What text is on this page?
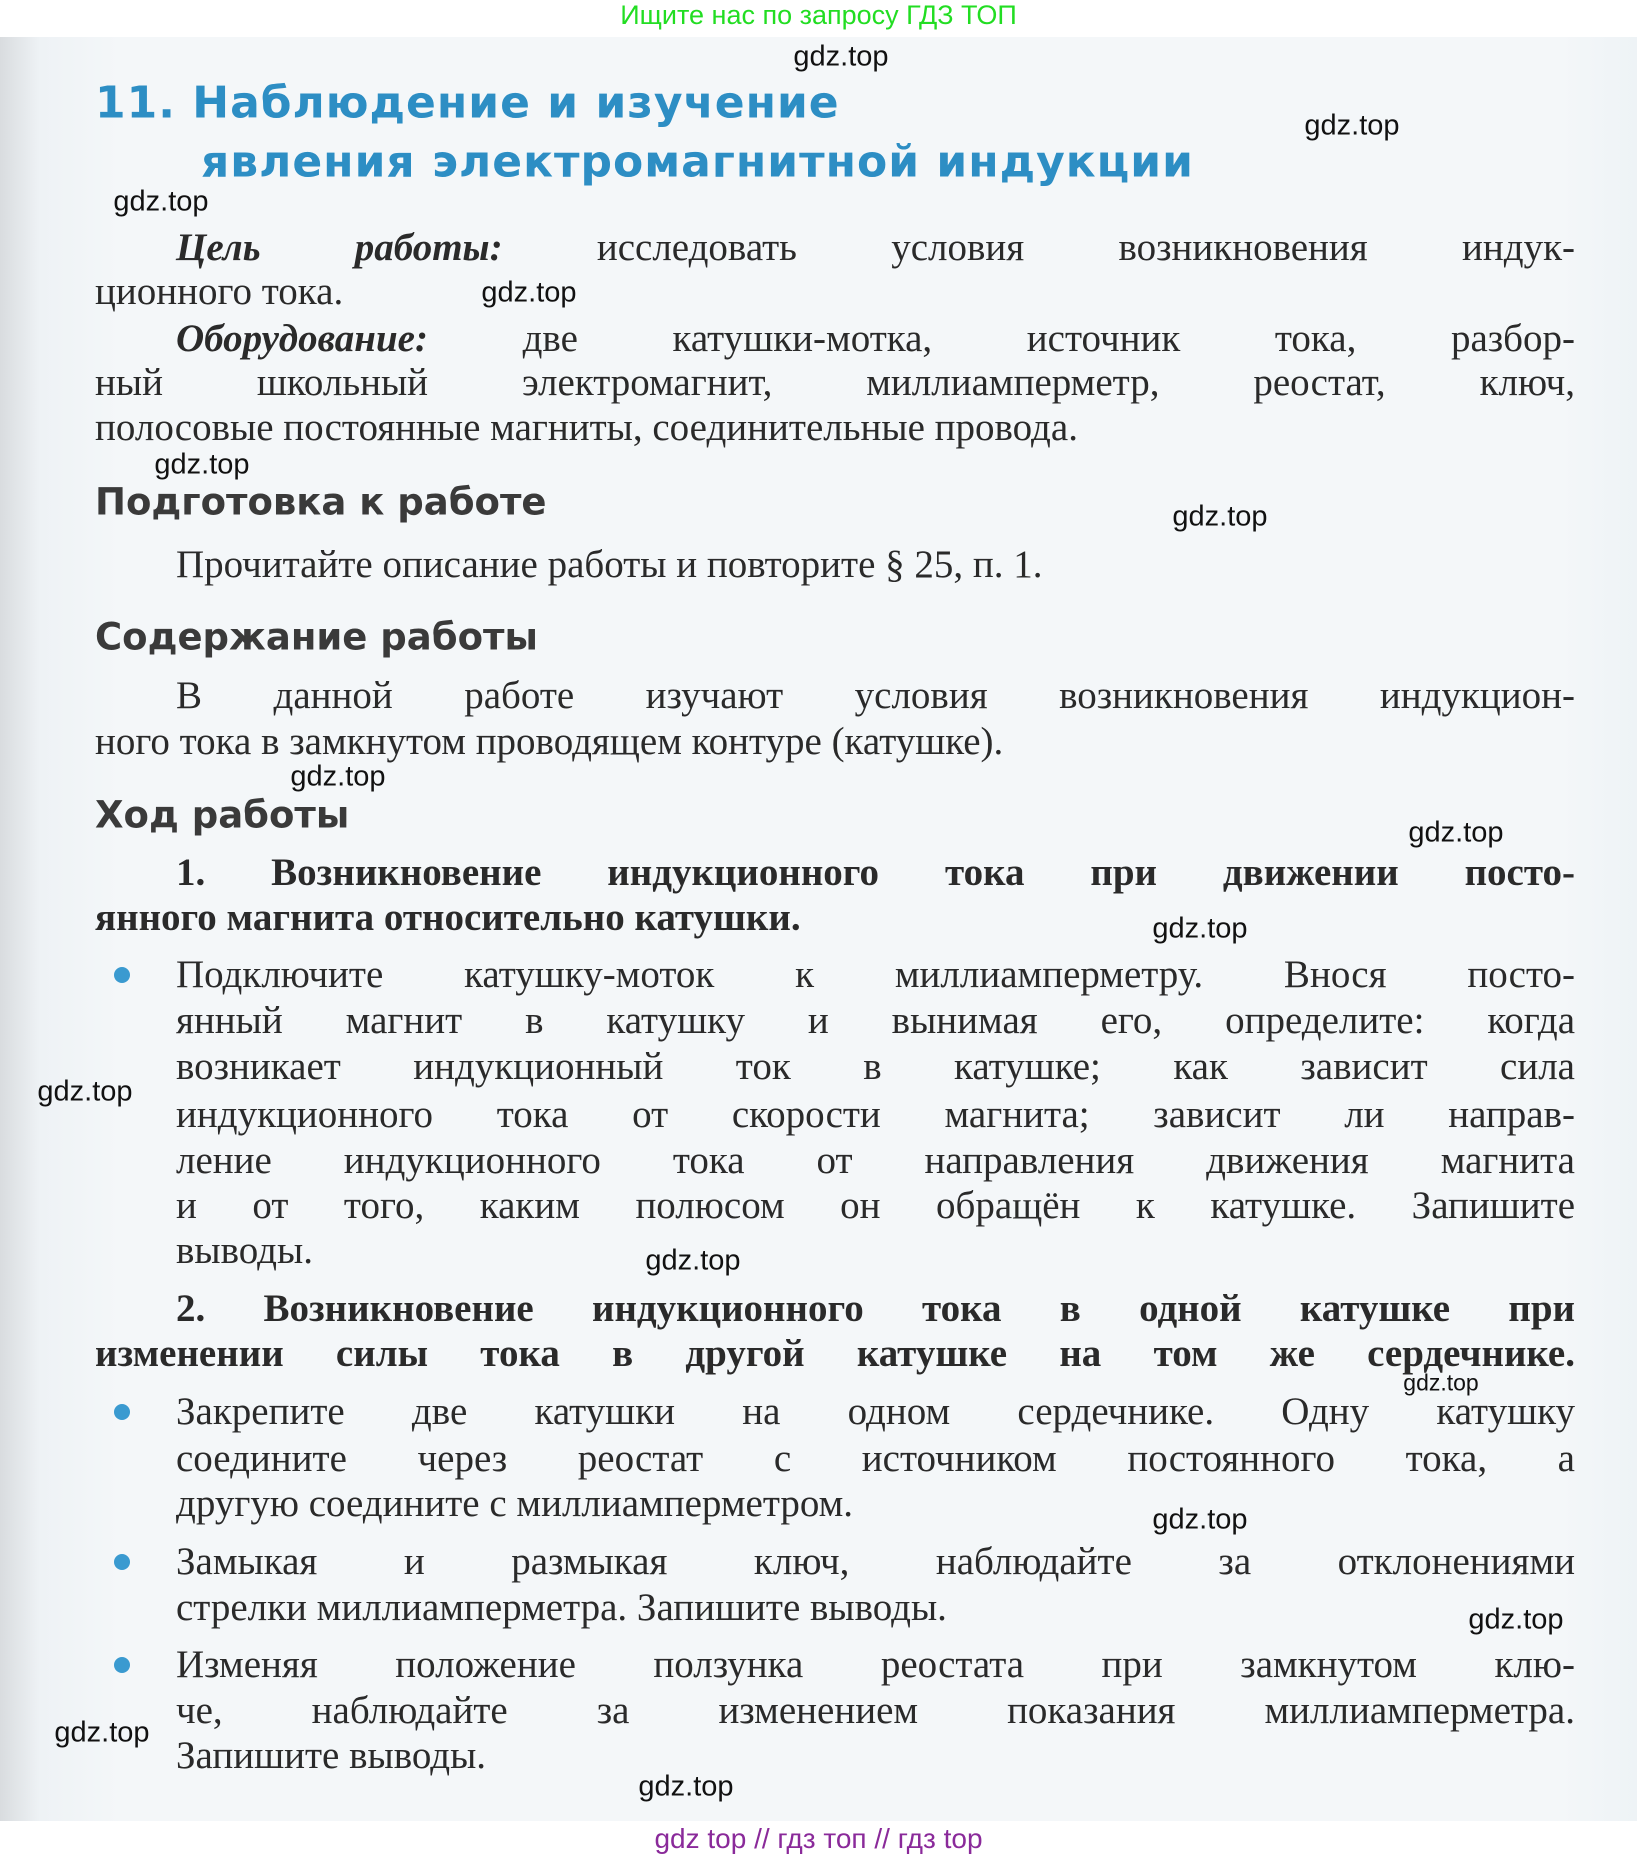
Ищите нас по запросу ГДЗ ТОП
gdz top // гдз топ // гдз top
11. Наблюдение и изучение
явления электромагнитной индукции
Цель работы: исследовать условия возникновения индук-
ционного тока.
Оборудование: две катушки-мотка, источник тока, разбор-
ный школьный электромагнит, миллиамперметр, реостат, ключ,
полосовые постоянные магниты, соединительные провода.
Подготовка к работе
Прочитайте описание работы и повторите § 25, п. 1.
Содержание работы
В данной работе изучают условия возникновения индукцион-
ного тока в замкнутом проводящем контуре (катушке).
Ход работы
1. Возникновение индукционного тока при движении посто-
янного магнита относительно катушки.
Подключите катушку-моток к миллиамперметру. Внося посто-
янный магнит в катушку и вынимая его, определите: когда
возникает индукционный ток в катушке; как зависит сила
индукционного тока от скорости магнита; зависит ли направ-
ление индукционного тока от направления движения магнита
и от того, каким полюсом он обращён к катушке. Запишите
выводы.
2. Возникновение индукционного тока в одной катушке при
изменении силы тока в другой катушке на том же сердечнике.
Закрепите две катушки на одном сердечнике. Одну катушку
соедините через реостат с источником постоянного тока, а
другую соедините с миллиамперметром.
Замыкая и размыкая ключ, наблюдайте за отклонениями
стрелки миллиамперметра. Запишите выводы.
Изменяя положение ползунка реостата при замкнутом клю-
че, наблюдайте за изменением показания миллиамперметра.
Запишите выводы.
gdz.top
gdz.top
gdz.top
gdz.top
gdz.top
gdz.top
gdz.top
gdz.top
gdz.top
gdz.top
gdz.top
gdz.top
gdz.top
gdz.top
gdz.top
gdz.top
